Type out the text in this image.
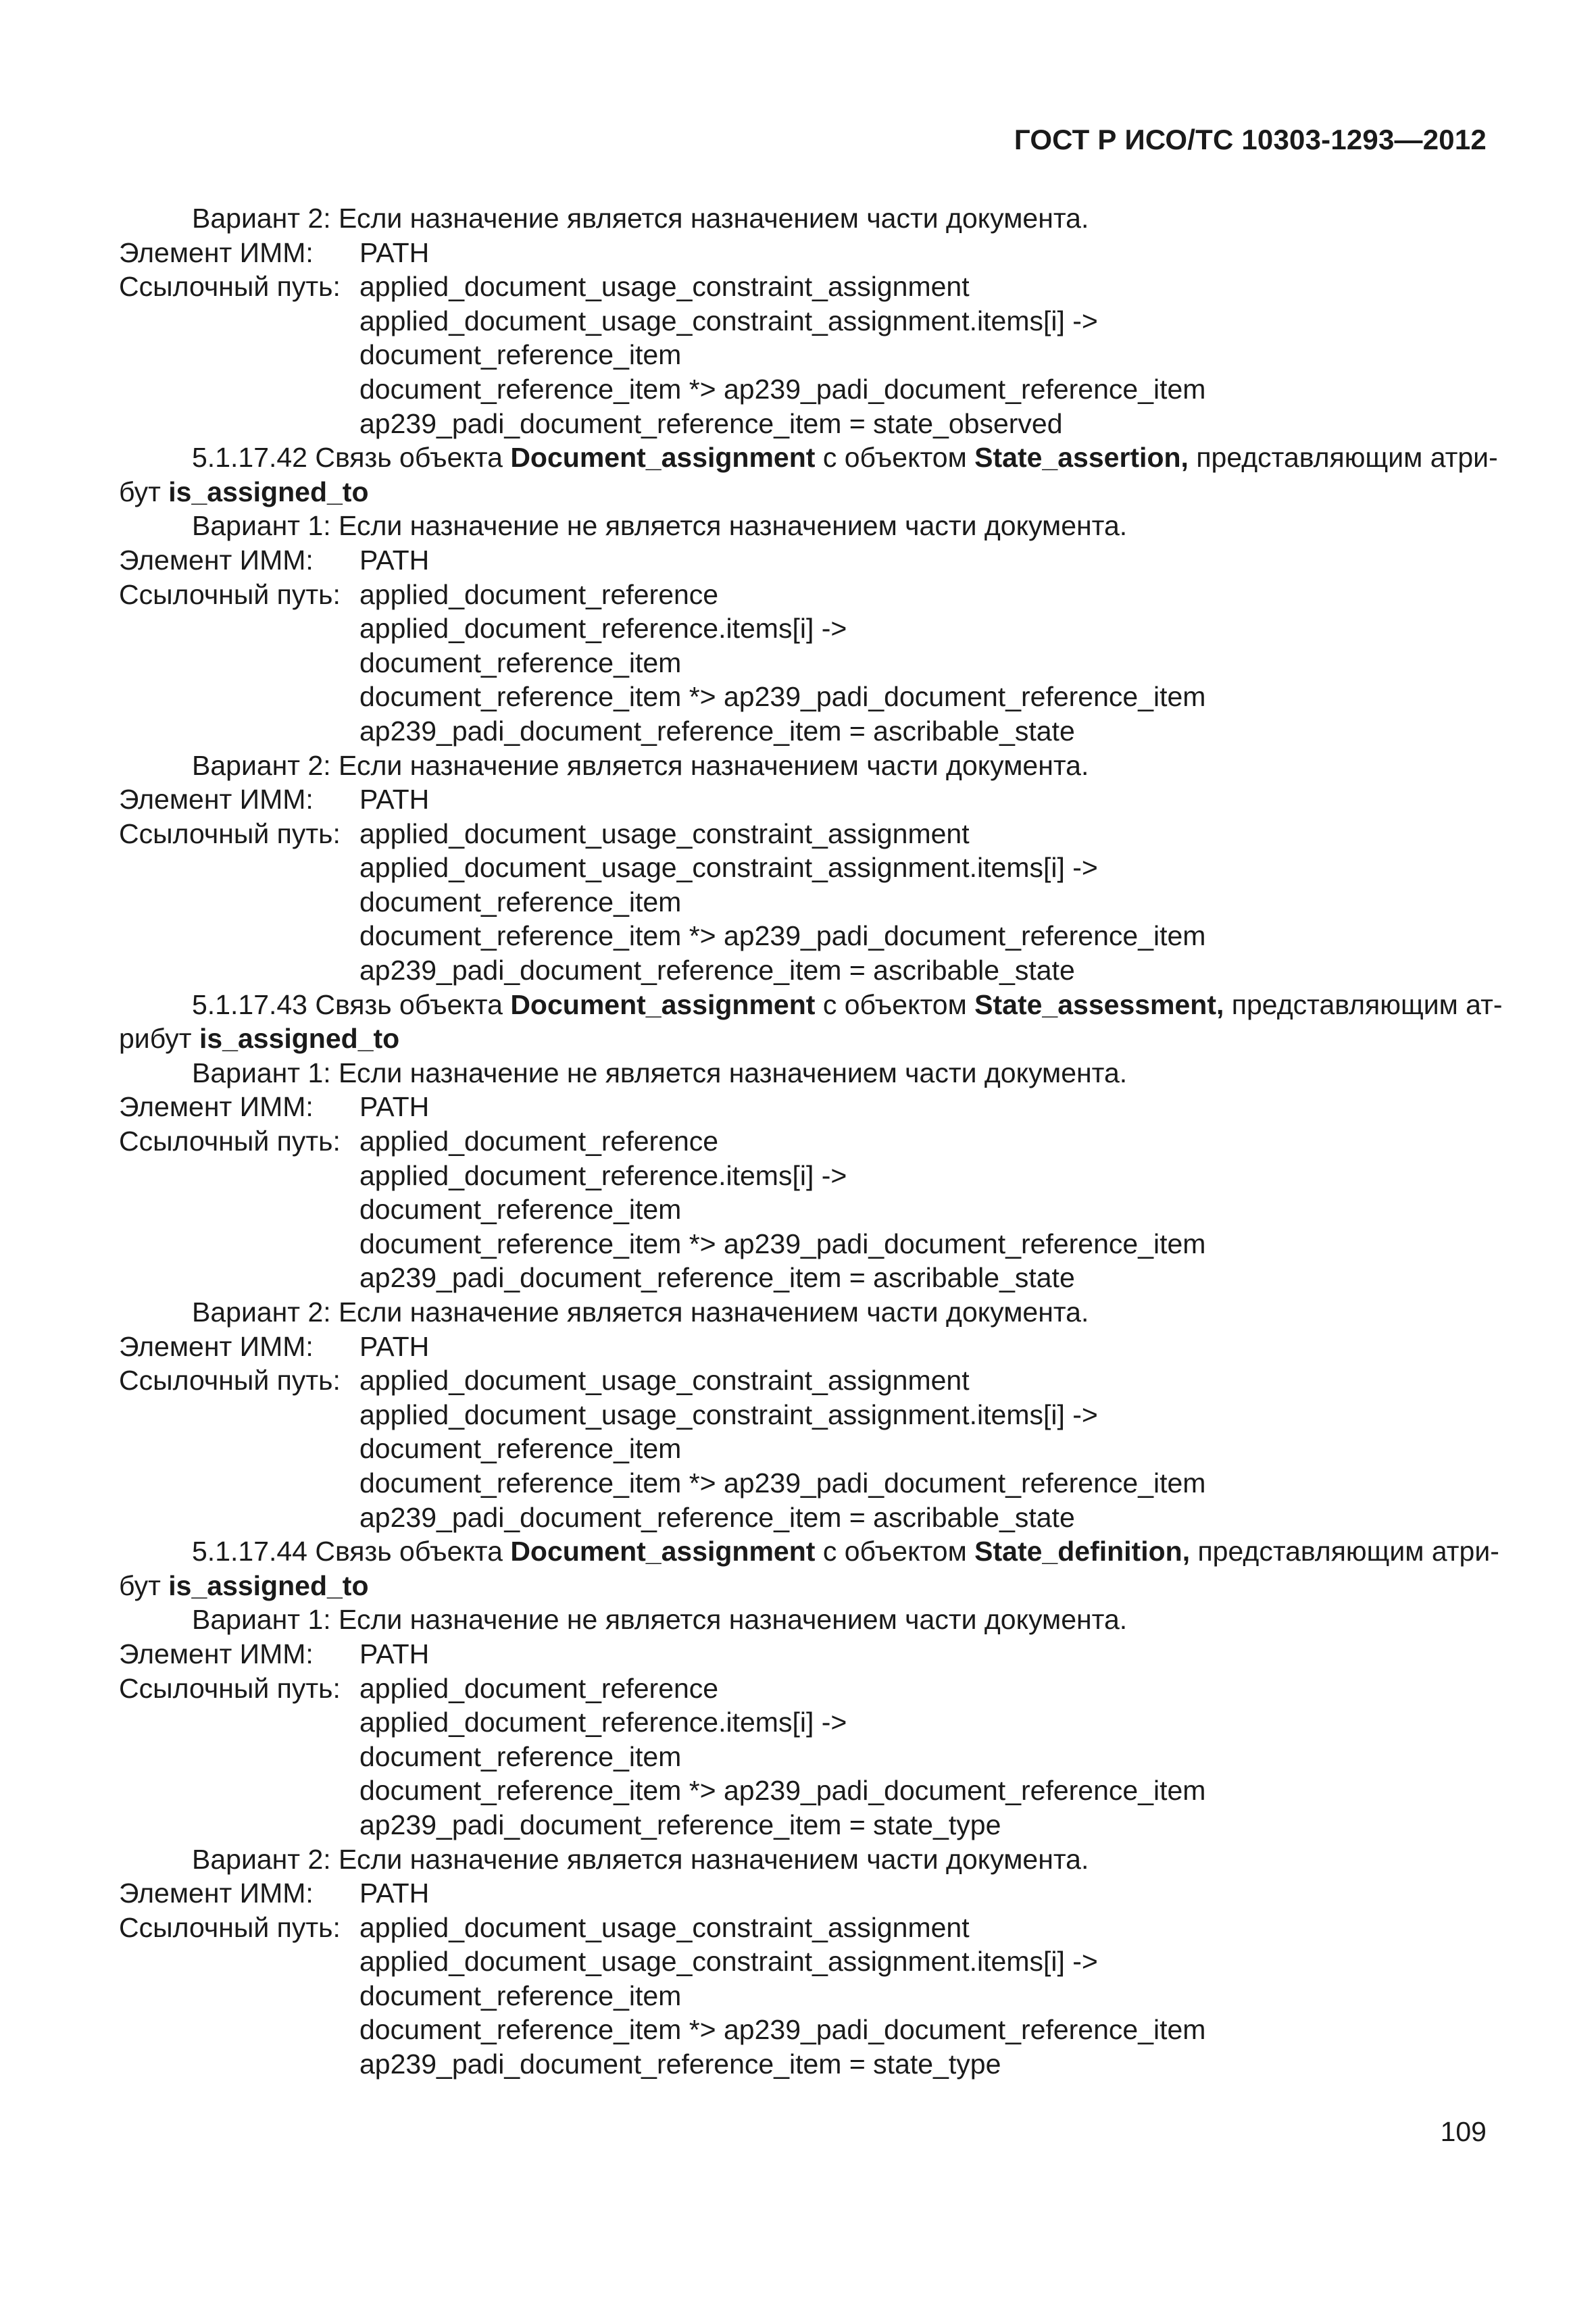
ГОСТ Р ИСО/ТС 10303-1293—2012
Вариант 2: Если назначение является назначением части документа.
Элемент ИММ:	PATH
Ссылочный путь: applied_document_usage_constraint_assignment
applied_document_usage_constraint_assignment.items[i] ->
document_reference_item
document_reference_item *> ap239_padi_document_reference_item
ap239_padi_document_reference_item = state_observed
5.1.17.42 Связь объекта Document_assignment с объектом State_assertion, представляющим атри-
бут is_assigned_to
Вариант 1: Если назначение не является назначением части документа.
Элемент ИММ:	PATH
Ссылочный путь: applied_document_reference
applied_document_reference.items[i] ->
document_reference_item
document_reference_item *> ap239_padi_document_reference_item
ap239_padi_document_reference_item = ascribable_state
Вариант 2: Если назначение является назначением части документа.
Элемент ИММ:	PATH
Ссылочный путь: applied_document_usage_constraint_assignment
applied_document_usage_constraint_assignment.items[i] ->
document_reference_item
document_reference_item *> ap239_padi_document_reference_item
ap239_padi_document_reference_item = ascribable_state
5.1.17.43 Связь объекта Document_assignment с объектом State_assessment, представляющим ат-
рибут is_assigned_to
Вариант 1: Если назначение не является назначением части документа.
Элемент ИММ:	PATH
Ссылочный путь: applied_document_reference
applied_document_reference.items[i] ->
document_reference_item
document_reference_item *> ap239_padi_document_reference_item
ap239_padi_document_reference_item = ascribable_state
Вариант 2: Если назначение является назначением части документа.
Элемент ИММ:	PATH
Ссылочный путь: applied_document_usage_constraint_assignment
applied_document_usage_constraint_assignment.items[i] ->
document_reference_item
document_reference_item *> ap239_padi_document_reference_item
ap239_padi_document_reference_item = ascribable_state
5.1.17.44 Связь объекта Document_assignment с объектом State_definition, представляющим атри-
бут is_assigned_to
Вариант 1: Если назначение не является назначением части документа.
Элемент ИММ:	PATH
Ссылочный путь: applied_document_reference
applied_document_reference.items[i] ->
document_reference_item
document_reference_item *> ap239_padi_document_reference_item
ap239_padi_document_reference_item = state_type
Вариант 2: Если назначение является назначением части документа.
Элемент ИММ:	PATH
Ссылочный путь: applied_document_usage_constraint_assignment
applied_document_usage_constraint_assignment.items[i] ->
document_reference_item
document_reference_item *> ap239_padi_document_reference_item
ap239_padi_document_reference_item = state_type
109
